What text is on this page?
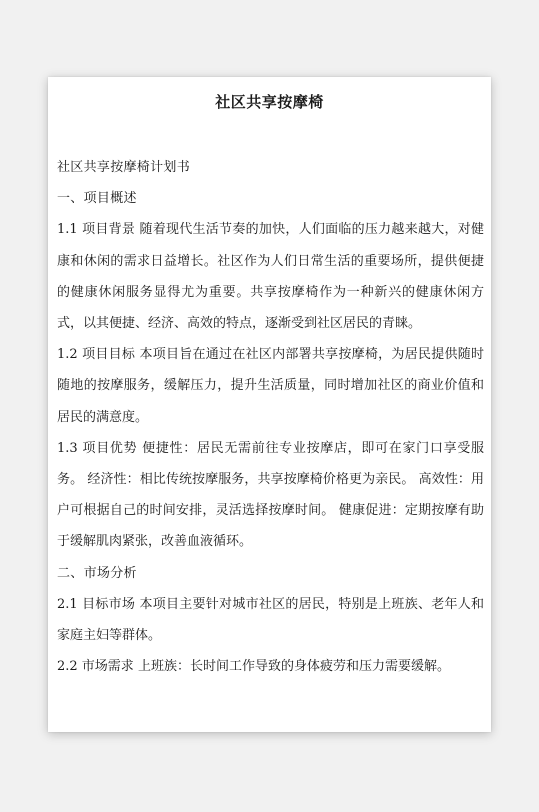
社区共享按摩椅

社区共享按摩椅计划书

一、项目概述

1.1 项目背景 随着现代生活节奏的加快，人们面临的压力越来越大，对健康和休闲的需求日益增长。社区作为人们日常生活的重要场所，提供便捷的健康休闲服务显得尤为重要。共享按摩椅作为一种新兴的健康休闲方式，以其便捷、经济、高效的特点，逐渐受到社区居民的青睐。

1.2 项目目标 本项目旨在通过在社区内部署共享按摩椅，为居民提供随时随地的按摩服务，缓解压力，提升生活质量，同时增加社区的商业价值和居民的满意度。

1.3 项目优势 便捷性：居民无需前往专业按摩店，即可在家门口享受服务。 经济性：相比传统按摩服务，共享按摩椅价格更为亲民。 高效性：用户可根据自己的时间安排，灵活选择按摩时间。 健康促进：定期按摩有助于缓解肌肉紧张，改善血液循环。

二、市场分析

2.1 目标市场 本项目主要针对城市社区的居民，特别是上班族、老年人和家庭主妇等群体。

2.2 市场需求 上班族：长时间工作导致的身体疲劳和压力需要缓解。
